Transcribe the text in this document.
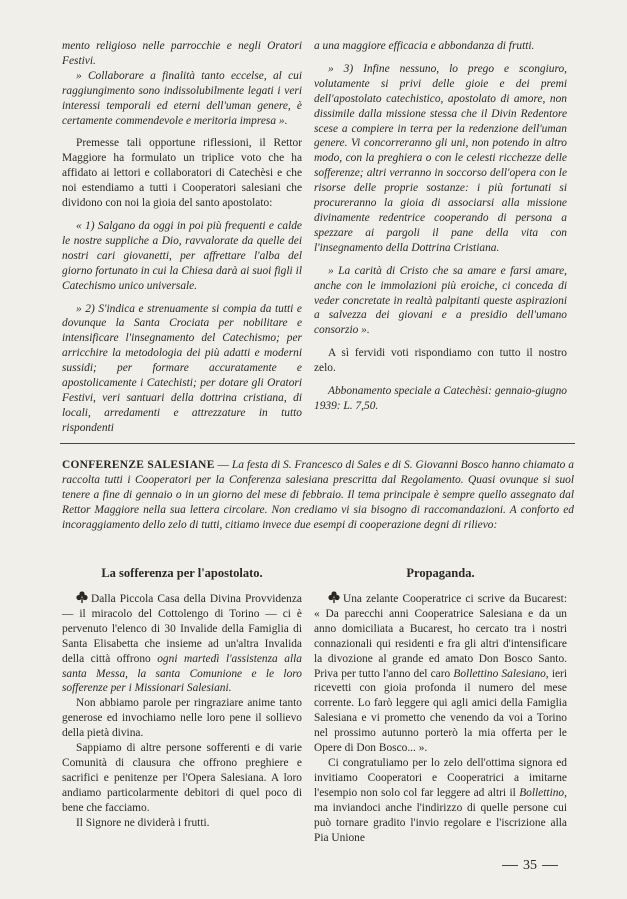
mento religioso nelle parrocchie e negli Oratori Festivi.

» Collaborare a finalità tanto eccelse, al cui raggiungimento sono indissolubilmente legati i veri interessi temporali ed eterni dell'uman genere, è certamente commendevole e meritoria impresa ».

Premesse tali opportune riflessioni, il Rettor Maggiore ha formulato un triplice voto che ha affidato ai lettori e collaboratori di Catechèsi e che noi estendiamo a tutti i Cooperatori salesiani che dividono con noi la gioia del santo apostolato:

« 1) Salgano da oggi in poi più frequenti e calde le nostre suppliche a Dio, ravvalorate da quelle dei nostri cari giovanetti, per affrettare l'alba del giorno fortunato in cui la Chiesa darà ai suoi figli il Catechismo unico universale.

» 2) S'indica e strenuamente si compia da tutti e dovunque la Santa Crociata per nobilitare e intensificare l'insegnamento del Catechismo; per arricchire la metodologia dei più adatti e moderni sussidi; per formare accuratamente e apostolicamente i Catechisti; per dotare gli Oratori Festivi, veri santuari della dottrina cristiana, di locali, arredamenti e attrezzature in tutto rispondenti

a una maggiore efficacia e abbondanza di frutti.

» 3) Infine nessuno, lo prego e scongiuro, volutamente si privi delle gioie e dei premi dell'apostolato catechistico, apostolato di amore, non dissimile dalla missione stessa che il Divin Redentore scese a compiere in terra per la redenzione dell'uman genere. Vi concorreranno gli uni, non potendo in altro modo, con la preghiera o con le celesti ricchezze delle sofferenze; altri verranno in soccorso dell'opera con le risorse delle proprie sostanze: i più fortunati si procureranno la gioia di associarsi alla missione divinamente redentrice cooperando di persona a spezzare ai pargoli il pane della vita con l'insegnamento della Dottrina Cristiana.

» La carità di Cristo che sa amare e farsi amare, anche con le immolazioni più eroiche, ci conceda di veder concretate in realtà palpitanti queste aspirazioni a salvezza dei giovani e a presidio dell'umano consorzio ».

A sì fervidi voti rispondiamo con tutto il nostro zelo.

Abbonamento speciale a Catechèsi: gennaio-giugno 1939: L. 7,50.

CONFERENZE SALESIANE — La festa di S. Francesco di Sales e di S. Giovanni Bosco hanno chiamato a raccolta tutti i Cooperatori per la Conferenza salesiana prescritta dal Regolamento. Quasi ovunque si suol tenere a fine di gennaio o in un giorno del mese di febbraio. Il tema principale è sempre quello assegnato dal Rettor Maggiore nella sua lettera circolare. Non crediamo vi sia bisogno di raccomandazioni. A conforto ed incoraggiamento dello zelo di tutti, citiamo invece due esempi di cooperazione degni di rilievo:
La sofferenza per l'apostolato.	Propaganda.

Dalla Piccola Casa della Divina Provvidenza — il miracolo del Cottolengo di Torino — ci è pervenuto l'elenco di 30 Invalide della Famiglia di Santa Elisabetta che insieme ad un'altra Invalida della città offrono ogni martedì l'assistenza alla santa Messa, la santa Comunione e le loro sofferenze per i Missionari Salesiani.

Non abbiamo parole per ringraziare anime tanto generose ed invochiamo nelle loro pene il sollievo della pietà divina.

Sappiamo di altre persone sofferenti e di varie Comunità di clausura che offrono preghiere e sacrifici e penitenze per l'Opera Salesiana. A loro andiamo particolarmente debitori di quel poco di bene che facciamo.

Il Signore ne dividerà i frutti.

Una zelante Cooperatrice ci scrive da Bucarest: « Da parecchi anni Cooperatrice Salesiana e da un anno domiciliata a Bucarest, ho cercato tra i nostri connazionali qui residenti e fra gli altri d'intensificare la divozione al grande ed amato Don Bosco Santo. Priva per tutto l'anno del caro Bollettino Salesiano, ieri ricevetti con gioia profonda il numero del mese corrente. Lo farò leggere qui agli amici della Famiglia Salesiana e vi prometto che venendo da voi a Torino nel prossimo autunno porterò la mia offerta per le Opere di Don Bosco... ».

Ci congratuliamo per lo zelo dell'ottima signora ed invitiamo Cooperatori e Cooperatrici a imitarne l'esempio non solo col far leggere ad altri il Bollettino, ma inviandoci anche l'indirizzo di quelle persone cui può tornare gradito l'invio regolare e l'iscrizione alla Pia Unione

35
